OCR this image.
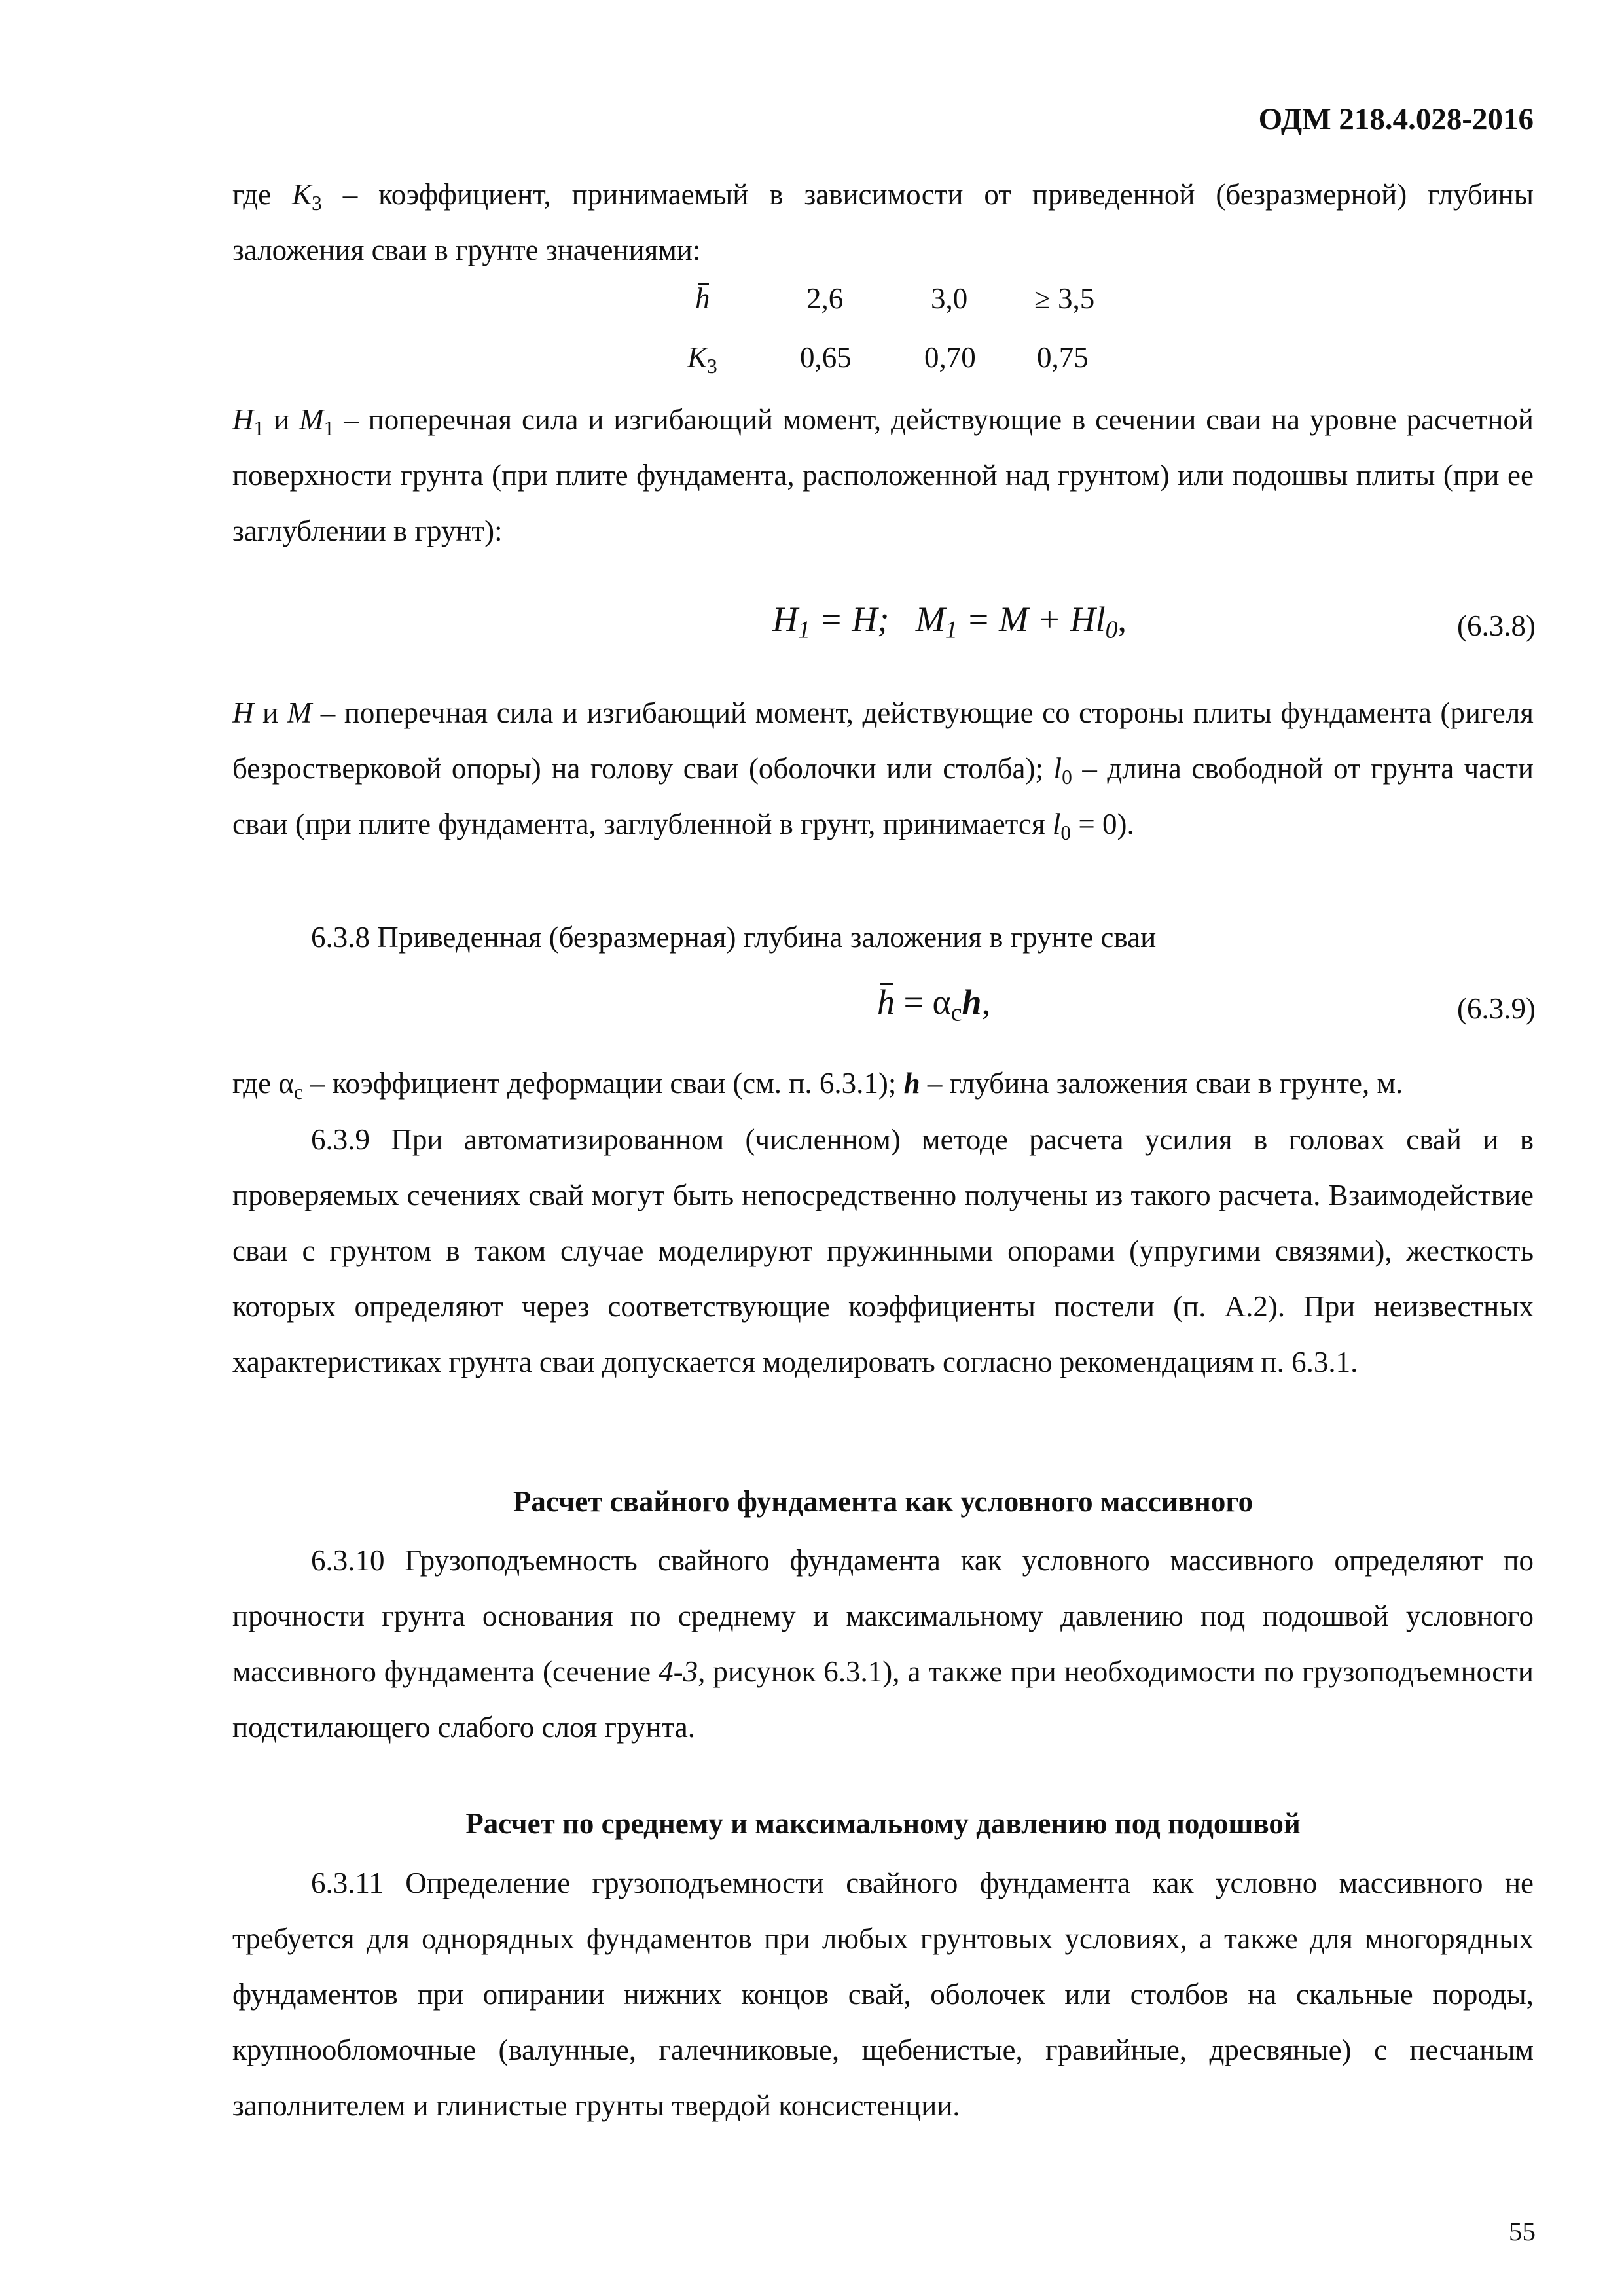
ОДМ 218.4.028-2016
где $K_3$ – коэффициент, принимаемый в зависимости от приведенной (безразмерной) глубины заложения сваи в грунте значениями:
h	2,6	3,0 ≥ 3,5
$K_3$	0,65 0,70 0,75
$H_1$ и $M_1$ – поперечная сила и изгибающий момент, действующие в сечении сваи на уровне расчетной поверхности грунта (при плите фундамента, расположенной над грунтом) или подошвы плиты (при ее заглублении в грунт):
$H_1 = H$; $M_1 = M + Hl_0$,	(6.3.8)
H и M – поперечная сила и изгибающий момент, действующие со стороны плиты фундамента (ригеля безростверковой опоры) на голову сваи (оболочки или столба); $l_0$ – длина свободной от грунта части сваи (при плите фундамента, заглубленной в грунт, принимается $l_0 = 0$).
6.3.8 Приведенная (безразмерная) глубина заложения в грунте сваи
$h = \alpha_ch$,	(6.3.9)
где $\alpha_c$ – коэффициент деформации сваи (см. п. 6.3.1); h – глубина заложения сваи в грунте, м.
6.3.9 При автоматизированном (численном) методе расчета усилия в головах свай и в проверяемых сечениях свай могут быть непосредственно получены из такого расчета. Взаимодействие сваи с грунтом в таком случае моделируют пружинными опорами (упругими связями), жесткость которых определяют через соответствующие коэффициенты постели (п. А.2). При неизвестных характеристиках грунта сваи допускается моделировать согласно рекомендациям п. 6.3.1.
Расчет свайного фундамента как условного массивного
6.3.10 Грузоподъемность свайного фундамента как условного массивного определяют по прочности грунта основания по среднему и максимальному давлению под подошвой условного массивного фундамента (сечение 4-3, рисунок 6.3.1), а также при необходимости по грузоподъемности подстилающего слабого слоя грунта.
Расчет по среднему и максимальному давлению под подошвой
6.3.11 Определение грузоподъемности свайного фундамента как условно массивного не требуется для однорядных фундаментов при любых грунтовых условиях, а также для многорядных фундаментов при опирании нижних концов свай, оболочек или столбов на скальные породы, крупнообломочные (валунные, галечниковые, щебенистые, гравийные, дресвяные) с песчаным заполнителем и глинистые грунты твердой консистенции.
55
